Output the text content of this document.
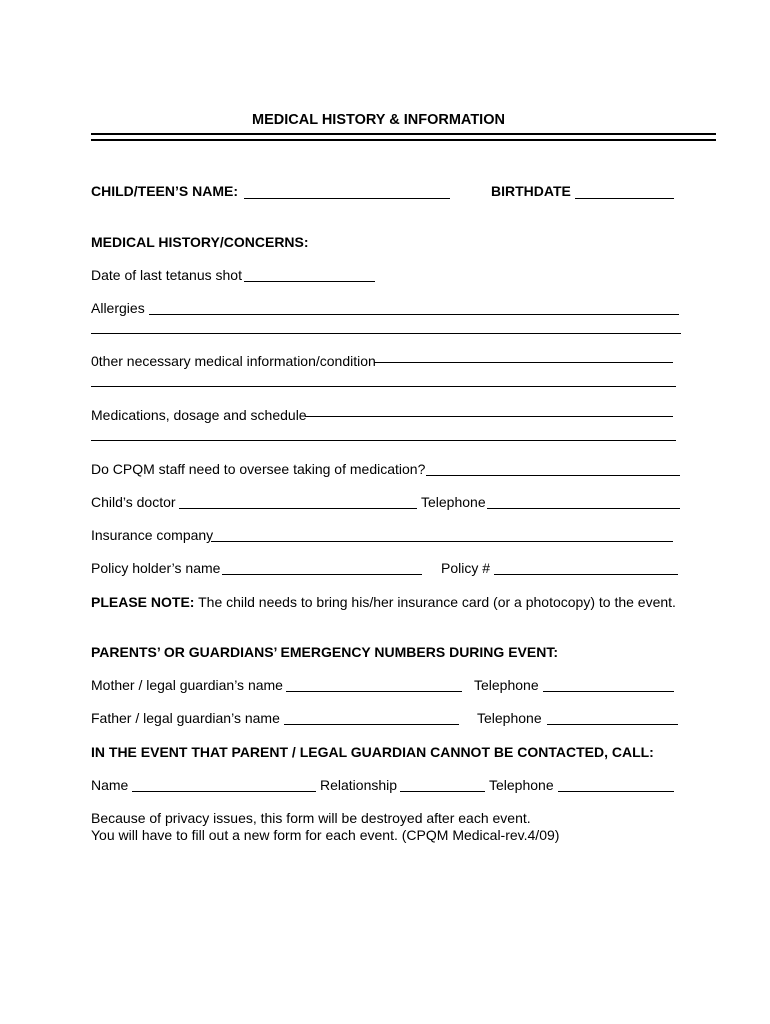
MEDICAL HISTORY & INFORMATION
CHILD/TEEN’S NAME:	BIRTHDATE
MEDICAL HISTORY/CONCERNS:
Date of last tetanus shot
Allergies
0ther necessary medical information/condition
Medications, dosage and schedule
Do CPQM staff need to oversee taking of medication?
Child’s doctor	Telephone
Insurance company
Policy holder’s name	Policy #
PLEASE NOTE: The child needs to bring his/her insurance card (or a photocopy) to the event.
PARENTS’ OR GUARDIANS’ EMERGENCY NUMBERS DURING EVENT:
Mother / legal guardian’s name	Telephone
Father / legal guardian’s name	Telephone
IN THE EVENT THAT PARENT / LEGAL GUARDIAN CANNOT BE CONTACTED, CALL:
Name	Relationship	Telephone
Because of privacy issues, this form will be destroyed after each event.
You will have to fill out a new form for each event. (CPQM Medical-rev.4/09)
